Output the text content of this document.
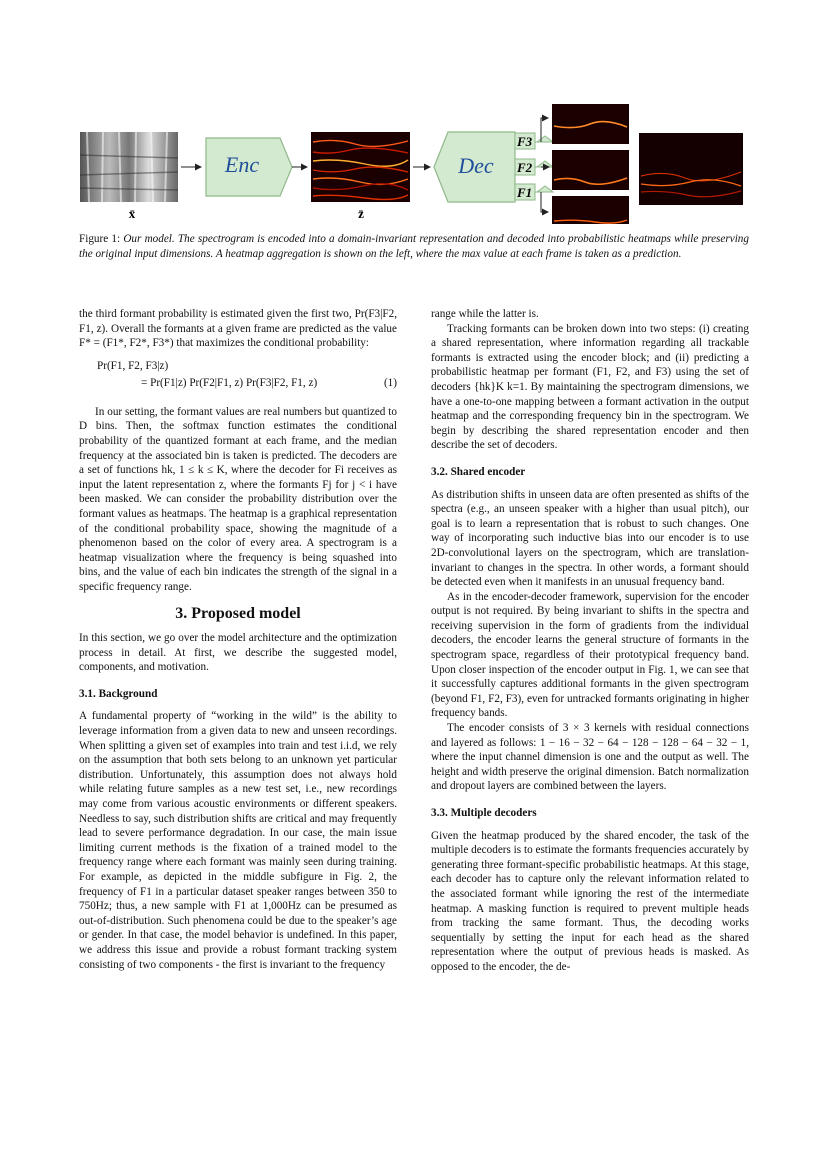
Enc	Dec
F3
F2
F1
x̄	z̄
Figure 1: Our model. The spectrogram is encoded into a domain-invariant representation and decoded into probabilistic heatmaps while preserving the original input dimensions. A heatmap aggregation is shown on the left, where the max value at each frame is taken as a prediction.

the third formant probability is estimated given the first two, Pr(F3|F2, F1, z). Overall the formants at a given frame are predicted as the value F* = (F1*, F2*, F3*) that maximizes the conditional probability:

Pr(F1, F2, F3|z)
= Pr(F1|z) Pr(F2|F1, z) Pr(F3|F2, F1, z)	(1)

In our setting, the formant values are real numbers but quantized to D bins. Then, the softmax function estimates the conditional probability of the quantized formant at each frame, and the median frequency at the associated bin is taken is predicted. The decoders are a set of functions hk, 1 ≤ k ≤ K, where the decoder for Fi receives as input the latent representation z, where the formants Fj for j < i have been masked. We can consider the probability distribution over the formant values as heatmaps. The heatmap is a graphical representation of the conditional probability space, showing the magnitude of a phenomenon based on the color of every area. A spectrogram is a heatmap visualization where the frequency is being squashed into bins, and the value of each bin indicates the strength of the signal in a specific frequency range.

3. Proposed model

In this section, we go over the model architecture and the optimization process in detail. At first, we describe the suggested model, components, and motivation.

3.1. Background

A fundamental property of “working in the wild” is the ability to leverage information from a given data to new and unseen recordings. When splitting a given set of examples into train and test i.i.d, we rely on the assumption that both sets belong to an unknown yet particular distribution. Unfortunately, this assumption does not always hold while relating future samples as a new test set, i.e., new recordings may come from various acoustic environments or different speakers. Needless to say, such distribution shifts are critical and may frequently lead to severe performance degradation. In our case, the main issue limiting current methods is the fixation of a trained model to the frequency range where each formant was mainly seen during training. For example, as depicted in the middle subfigure in Fig. 2, the frequency of F1 in a particular dataset speaker ranges between 350 to 750Hz; thus, a new sample with F1 at 1,000Hz can be presumed as out-of-distribution. Such phenomena could be due to the speaker’s age or gender. In that case, the model behavior is undefined. In this paper, we address this issue and provide a robust formant tracking system consisting of two components - the first is invariant to the frequency

range while the latter is.

Tracking formants can be broken down into two steps: (i) creating a shared representation, where information regarding all trackable formants is extracted using the encoder block; and (ii) predicting a probabilistic heatmap per formant (F1, F2, and F3) using the set of decoders {hk}K k=1. By maintaining the spectrogram dimensions, we have a one-to-one mapping between a formant activation in the output heatmap and the corresponding frequency bin in the spectrogram. We begin by describing the shared representation encoder and then describe the set of decoders.

3.2. Shared encoder

As distribution shifts in unseen data are often presented as shifts of the spectra (e.g., an unseen speaker with a higher than usual pitch), our goal is to learn a representation that is robust to such changes. One way of incorporating such inductive bias into our encoder is to use 2D-convolutional layers on the spectrogram, which are translation-invariant to changes in the spectra. In other words, a formant should be detected even when it manifests in an unusual frequency band.

As in the encoder-decoder framework, supervision for the encoder output is not required. By being invariant to shifts in the spectra and receiving supervision in the form of gradients from the individual decoders, the encoder learns the general structure of formants in the spectrogram space, regardless of their prototypical frequency band. Upon closer inspection of the encoder output in Fig. 1, we can see that it successfully captures additional formants in the given spectrogram (beyond F1, F2, F3), even for untracked formants originating in higher frequency bands.

The encoder consists of 3 × 3 kernels with residual connections and layered as follows: 1 − 16 − 32 − 64 − 128 − 128 − 64 − 32 − 1, where the input channel dimension is one and the output as well. The height and width preserve the original dimension. Batch normalization and dropout layers are combined between the layers.

3.3. Multiple decoders

Given the heatmap produced by the shared encoder, the task of the multiple decoders is to estimate the formants frequencies accurately by generating three formant-specific probabilistic heatmaps. At this stage, each decoder has to capture only the relevant information related to the associated formant while ignoring the rest of the intermediate heatmap. A masking function is required to prevent multiple heads from tracking the same formant. Thus, the decoding works sequentially by setting the input for each head as the shared representation where the output of previous heads is masked. As opposed to the encoder, the de-
